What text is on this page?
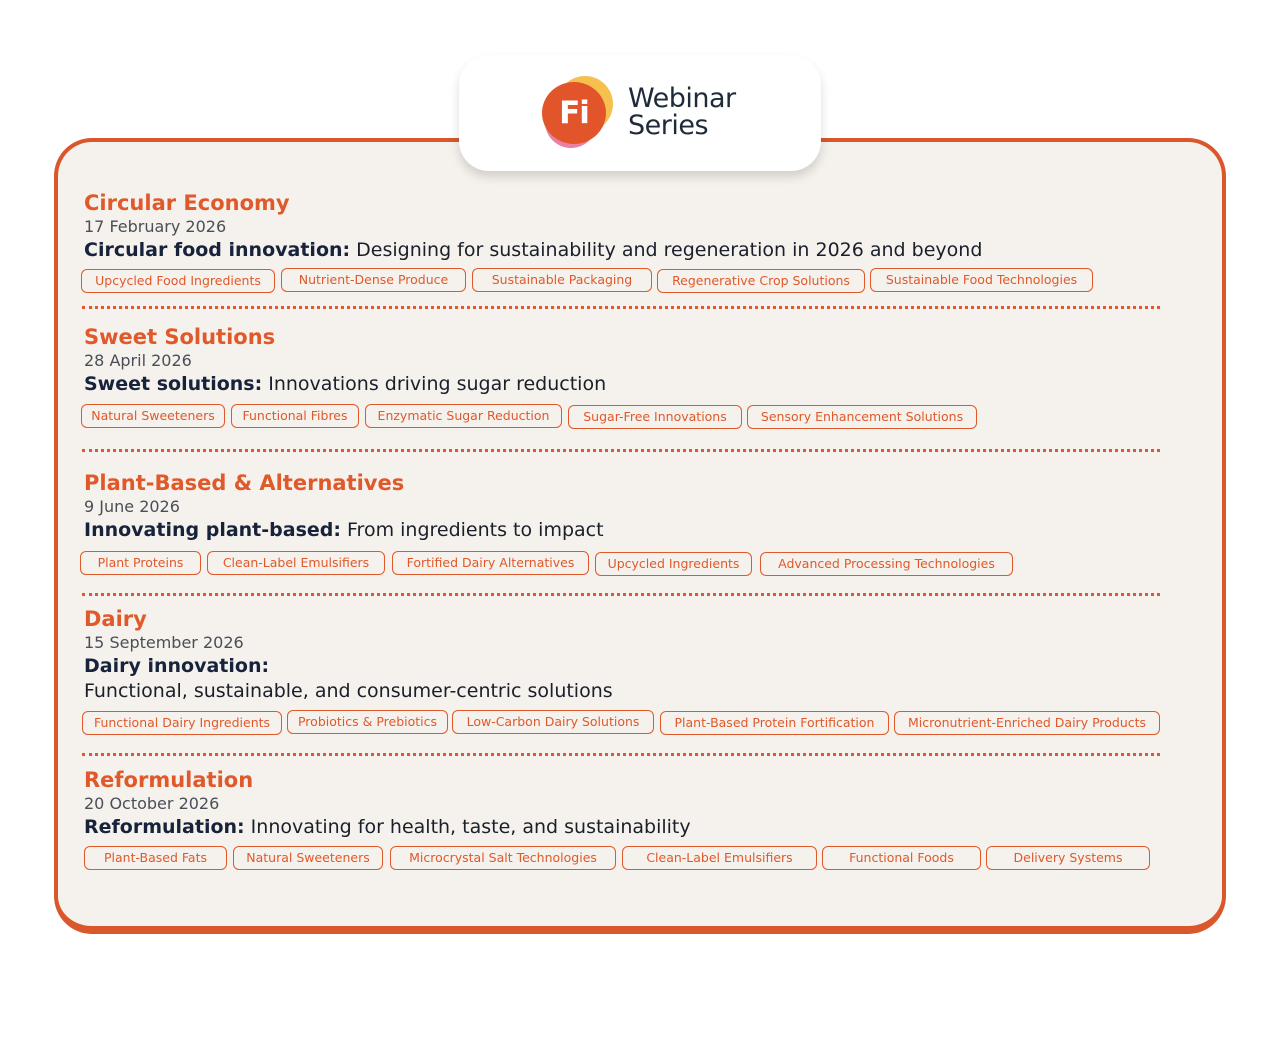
Fi	Webinar
Series
Circular Economy
17 February 2026
Circular food innovation: Designing for sustainability and regeneration in 2026 and beyond
Upcycled Food Ingredients	Nutrient-Dense Produce	Sustainable Packaging	Regenerative Crop Solutions	Sustainable Food Technologies
Sweet Solutions
28 April 2026
Sweet solutions: Innovations driving sugar reduction
Natural Sweeteners	Functional Fibres	Enzymatic Sugar Reduction	Sugar-Free Innovations	Sensory Enhancement Solutions
Plant-Based & Alternatives
9 June 2026
Innovating plant-based: From ingredients to impact
Plant Proteins	Clean-Label Emulsifiers	Fortified Dairy Alternatives	Upcycled Ingredients	Advanced Processing Technologies
Dairy
15 September 2026
Dairy innovation:
Functional, sustainable, and consumer-centric solutions
Functional Dairy Ingredients	Probiotics & Prebiotics	Low-Carbon Dairy Solutions	Plant-Based Protein Fortification	Micronutrient-Enriched Dairy Products
Reformulation
20 October 2026
Reformulation: Innovating for health, taste, and sustainability
Plant-Based Fats	Natural Sweeteners	Microcrystal Salt Technologies	Clean-Label Emulsifiers	Functional Foods	Delivery Systems
